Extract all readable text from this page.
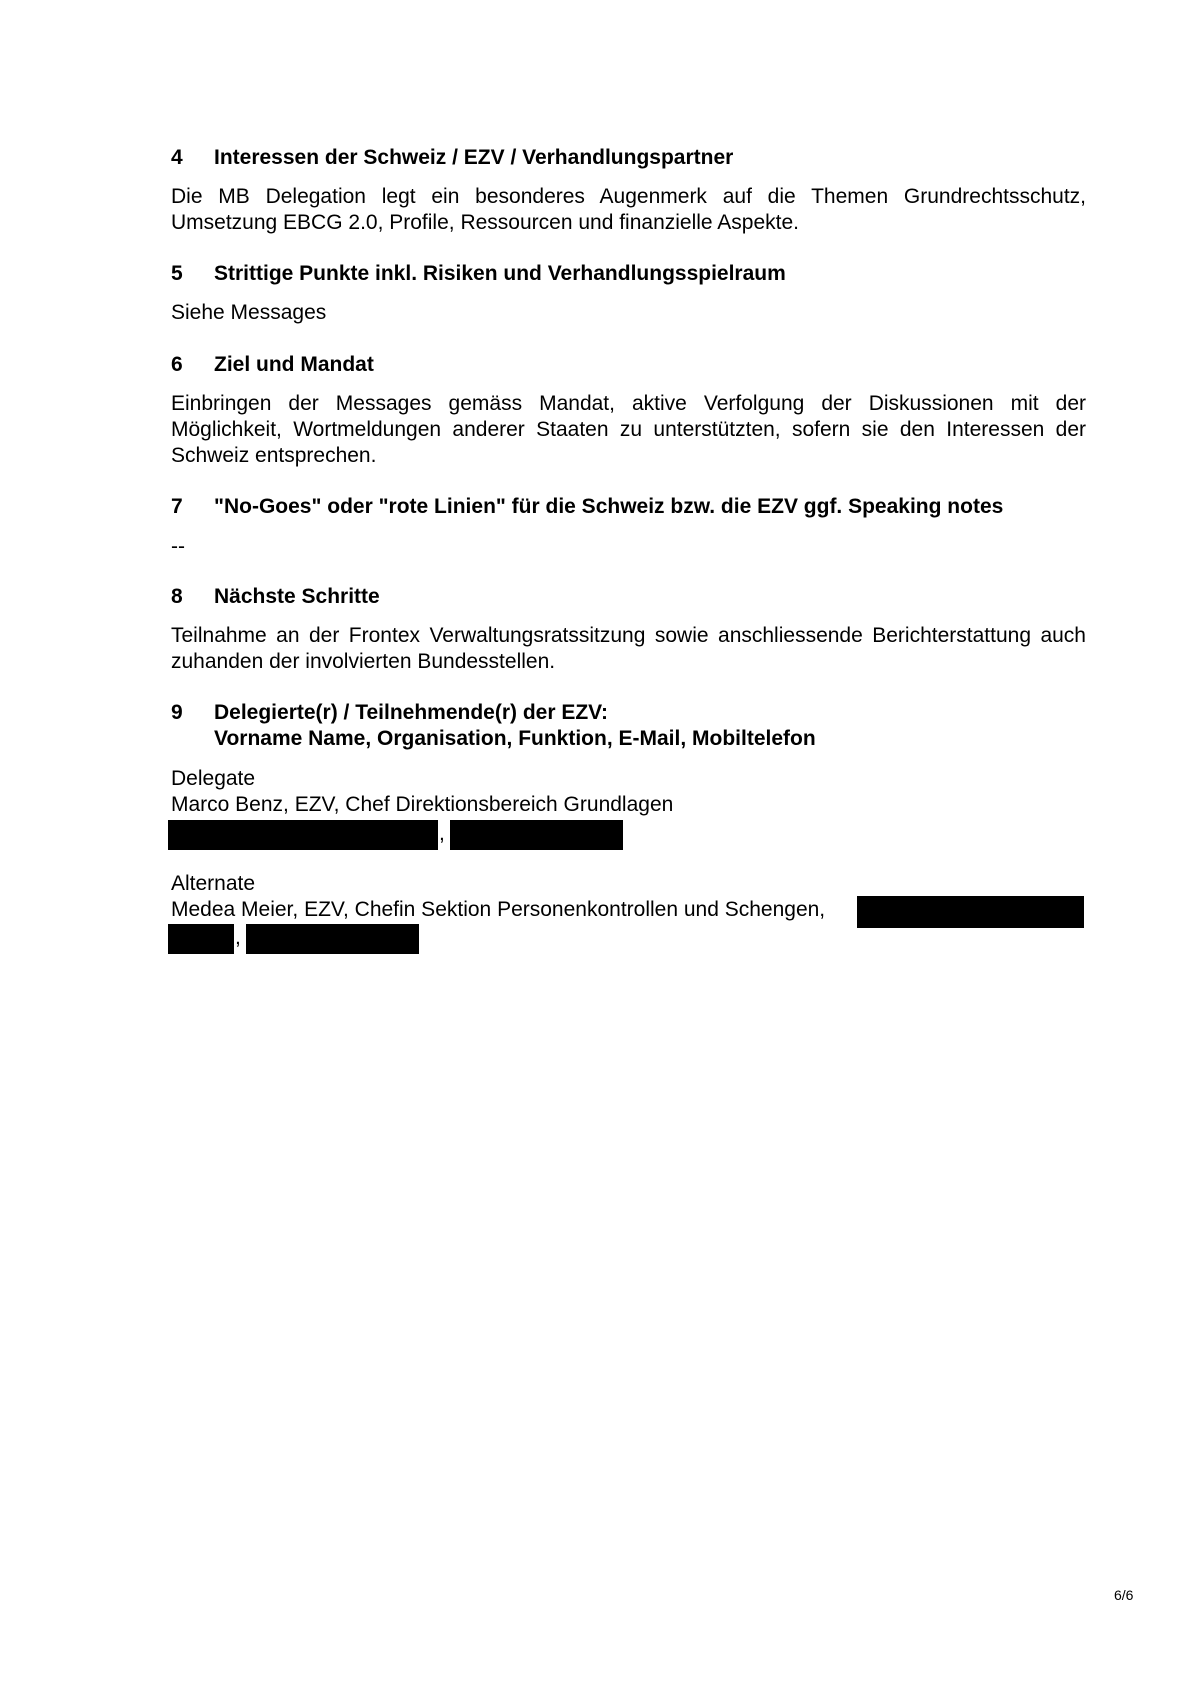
4 Interessen der Schweiz / EZV / Verhandlungspartner
Die MB Delegation legt ein besonderes Augenmerk auf die Themen Grundrechtsschutz, Umsetzung EBCG 2.0, Profile, Ressourcen und finanzielle Aspekte.
5 Strittige Punkte inkl. Risiken und Verhandlungsspielraum
Siehe Messages
6 Ziel und Mandat
Einbringen der Messages gemäss Mandat, aktive Verfolgung der Diskussionen mit der Möglichkeit, Wortmeldungen anderer Staaten zu unterstützten, sofern sie den Interessen der Schweiz entsprechen.
7 "No-Goes" oder "rote Linien" für die Schweiz bzw. die EZV ggf. Speaking notes
--
8 Nächste Schritte
Teilnahme an der Frontex Verwaltungsratssitzung sowie anschliessende Berichterstattung auch zuhanden der involvierten Bundesstellen.
9 Delegierte(r) / Teilnehmende(r) der EZV:
Vorname Name, Organisation, Funktion, E-Mail, Mobiltelefon
Delegate
Marco Benz, EZV, Chef Direktionsbereich Grundlagen
,
Alternate
Medea Meier, EZV, Chefin Sektion Personenkontrollen und Schengen,
,
6/6
